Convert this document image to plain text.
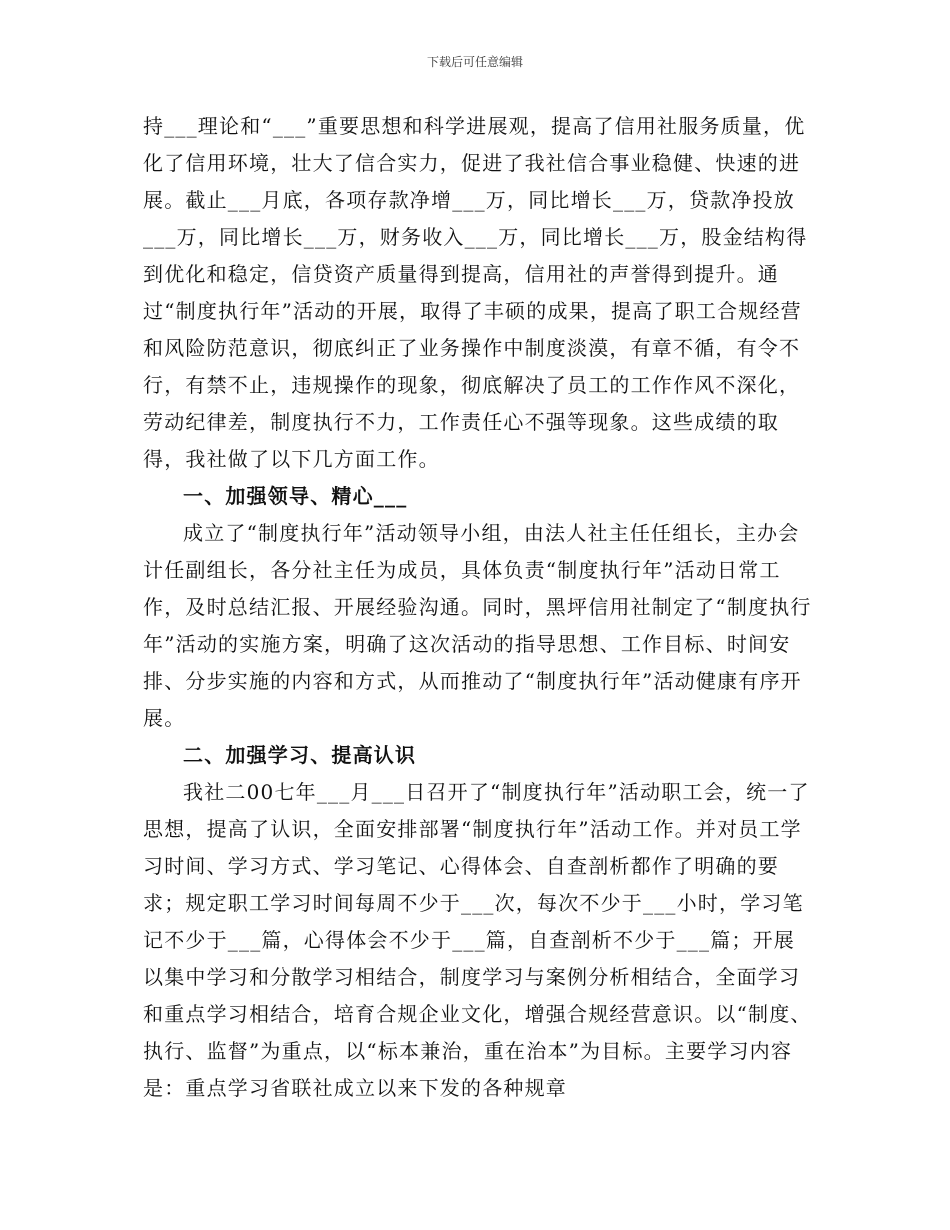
下载后可任意编辑

持___理论和“___”重要思想和科学进展观，提高了信用社服务质量，优化了信用环境，壮大了信合实力，促进了我社信合事业稳健、快速的进展。截止___月底，各项存款净增___万，同比增长___万，贷款净投放___万，同比增长___万，财务收入___万，同比增长___万，股金结构得到优化和稳定，信贷资产质量得到提高，信用社的声誉得到提升。通过“制度执行年”活动的开展，取得了丰硕的成果，提高了职工合规经营和风险防范意识，彻底纠正了业务操作中制度淡漠，有章不循，有令不行，有禁不止，违规操作的现象，彻底解决了员工的工作作风不深化，劳动纪律差，制度执行不力，工作责任心不强等现象。这些成绩的取得，我社做了以下几方面工作。

一、加强领导、精心___

成立了“制度执行年”活动领导小组，由法人社主任任组长，主办会计任副组长，各分社主任为成员，具体负责“制度执行年”活动日常工作，及时总结汇报、开展经验沟通。同时，黑坪信用社制定了“制度执行年”活动的实施方案，明确了这次活动的指导思想、工作目标、时间安排、分步实施的内容和方式，从而推动了“制度执行年”活动健康有序开展。

二、加强学习、提高认识

我社二00七年___月___日召开了“制度执行年”活动职工会，统一了思想，提高了认识，全面安排部署“制度执行年”活动工作。并对员工学习时间、学习方式、学习笔记、心得体会、自查剖析都作了明确的要求；规定职工学习时间每周不少于___次，每次不少于___小时，学习笔记不少于___篇，心得体会不少于___篇，自查剖析不少于___篇；开展以集中学习和分散学习相结合，制度学习与案例分析相结合，全面学习和重点学习相结合，培育合规企业文化，增强合规经营意识。以“制度、执行、监督”为重点，以“标本兼治，重在治本”为目标。主要学习内容是：重点学习省联社成立以来下发的各种规章
